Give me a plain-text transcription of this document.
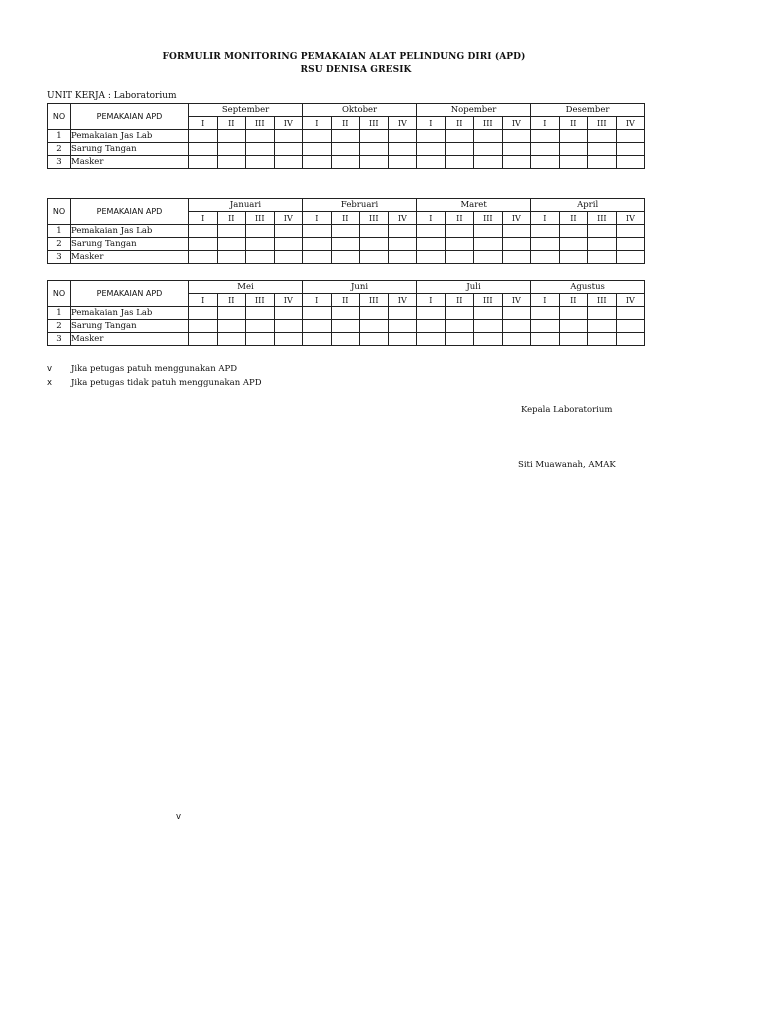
FORMULIR MONITORING PEMAKAIAN ALAT PELINDUNG DIRI (APD)
RSU DENISA GRESIK
UNIT KERJA : Laboratorium
NO	PEMAKAIAN APD	September				Oktober				Nopember				Desember			
		I	II	III	IV	I	II	III	IV	I	II	III	IV	I	II	III	IV
1	Pemakaian Jas Lab																
2	Sarung Tangan																
3	Masker																
NO	PEMAKAIAN APD	Januari				Februari				Maret				April			
		I	II	III	IV	I	II	III	IV	I	II	III	IV	I	II	III	IV
1	Pemakaian Jas Lab																
2	Sarung Tangan																
3	Masker																
NO	PEMAKAIAN APD	Mei				Juni				Juli				Agustus			
		I	II	III	IV	I	II	III	IV	I	II	III	IV	I	II	III	IV
1	Pemakaian Jas Lab																
2	Sarung Tangan																
3	Masker																
v Jika petugas patuh menggunakan APD
x Jika petugas tidak patuh menggunakan APD
Kepala Laboratorium
Siti Muawanah, AMAK
v
